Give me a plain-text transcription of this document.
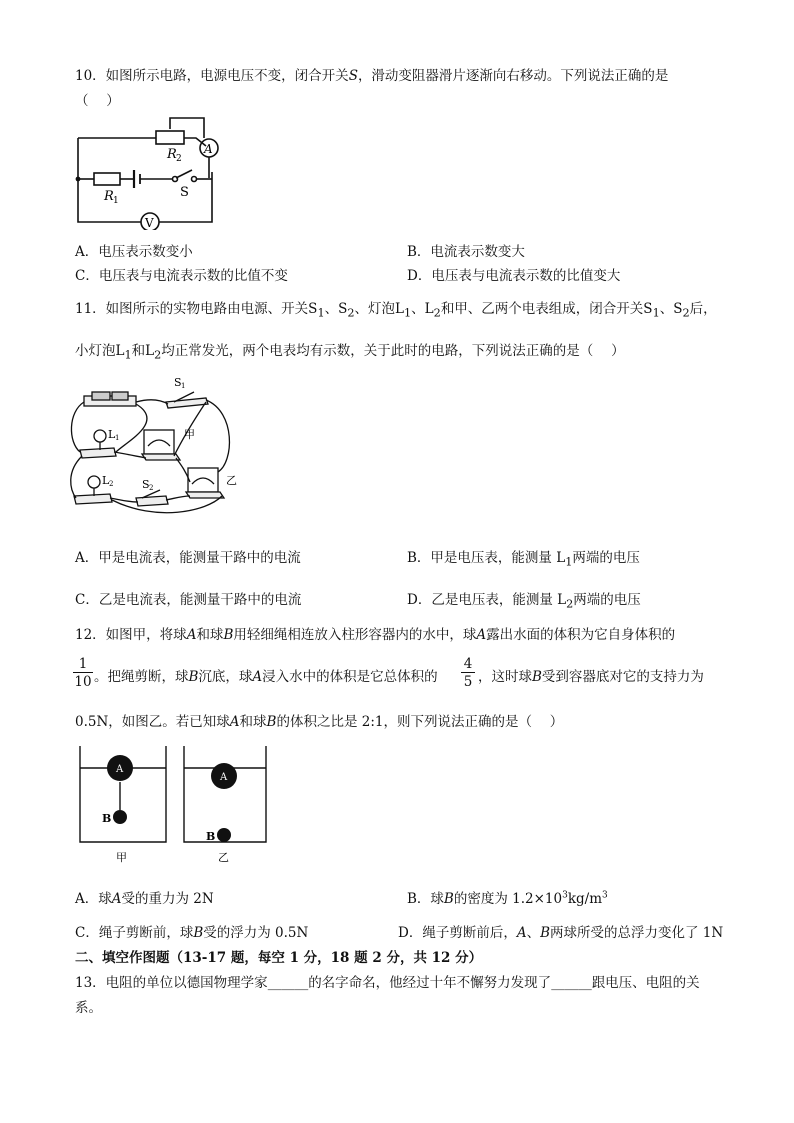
10．如图所示电路，电源电压不变，闭合开关S，滑动变阻器滑片逐渐向右移动。下列说法正确的是
（　 ）
R 2
R 1
S
A
V
A．电压表示数变小	B．电流表示数变大
C．电压表与电流表示数的比值不变	D．电压表与电流表示数的比值变大
11．如图所示的实物电路由电源、开关$S_1$、$S_2$、灯泡$L_1$、$L_2$和甲、乙两个电表组成，闭合开关$S_1$、$S_2$后，
小灯泡$L_1$和$L_2$均正常发光，两个电表均有示数，关于此时的电路，下列说法正确的是（　 ）
S 1
L 1	甲
L 2	S 2
乙
A．甲是电流表，能测量干路中的电流	B．甲是电压表，能测量 $L_1$两端的电压
C．乙是电流表，能测量干路中的电流	D．乙是电压表，能测量 $L_2$两端的电压
12．如图甲，将球A和球B用轻细绳相连放入柱形容器内的水中，球A露出水面的体积为它自身体积的
$\frac{1}{10}$ 。把绳剪断，球B沉底，球A浸入水中的体积是它总体积的 $\frac{4}{5}$ ，这时球B受到容器底对它的支持力为
0.5N，如图乙。若已知球A和球B的体积之比是 2:1，则下列说法正确的是（　 ）
A
A
B
B
甲	乙
A．球A受的重力为 2N	B．球B的密度为 $1.2\times 10^3kg/m^3$
C．绳子剪断前，球B受的浮力为 0.5N	D．绳子剪断前后，A、B两球所受的总浮力变化了 1N
二、填空作图题（13-17 题，每空 1 分，18 题 2 分，共 12 分）
13．电阻的单位以德国物理学家______的名字命名，他经过十年不懈努力发现了______跟电压、电阻的关
系。
